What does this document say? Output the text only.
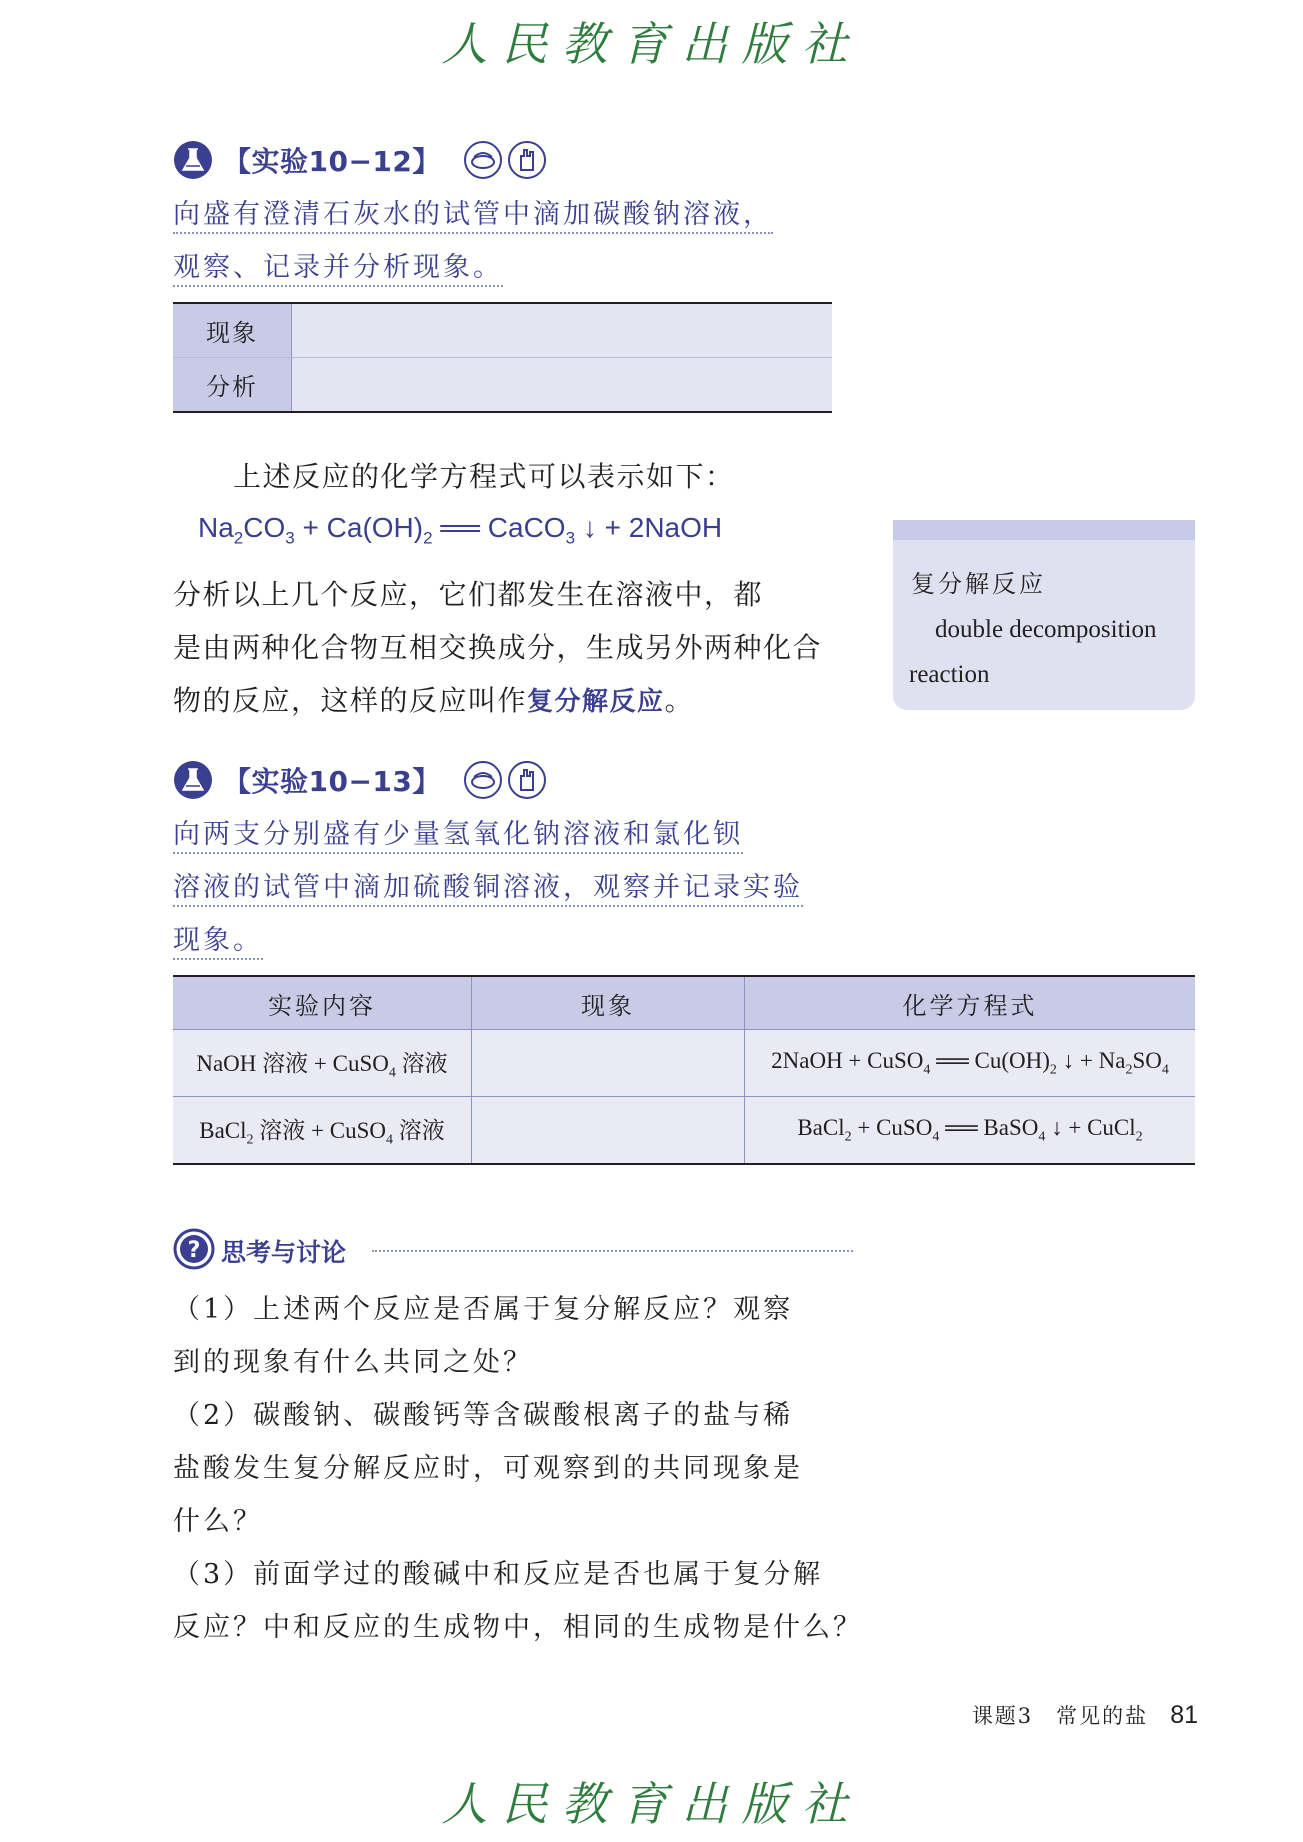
人民教育出版社
【实验10−12】
向盛有澄清石灰水的试管中滴加碳酸钠溶液，
观察、记录并分析现象。
现象	
分析	
上述反应的化学方程式可以表示如下：
$Na_2CO_3 + Ca(OH)_2$ ══ CaCO$_3$ ↓ + 2NaOH
分析以上几个反应，它们都发生在溶液中，都
是由两种化合物互相交换成分，生成另外两种化合
物的反应，这样的反应叫作复分解反应。
复分解反应
double decomposition
reaction
【实验10−13】
向两支分别盛有少量氢氧化钠溶液和氯化钡
溶液的试管中滴加硫酸铜溶液，观察并记录实验
现象。
实验内容	现象	化学方程式
NaOH 溶液 + CuSO$_4$ 溶液		2NaOH + CuSO$_4$ ══ $Cu(OH)_2$ ↓ + $Na_2SO_4$
BaCl$_2$ 溶液 + CuSO$_4$ 溶液		BaCl$_2$ + CuSO$_4$ ══ BaSO$_4$ ↓ + CuCl$_2$
? 思考与讨论
（1）上述两个反应是否属于复分解反应？观察
到的现象有什么共同之处？
（2）碳酸钠、碳酸钙等含碳酸根离子的盐与稀
盐酸发生复分解反应时，可观察到的共同现象是
什么？
（3）前面学过的酸碱中和反应是否也属于复分解
反应？中和反应的生成物中，相同的生成物是什么？
课题3　常见的盐 81
人民教育出版社
